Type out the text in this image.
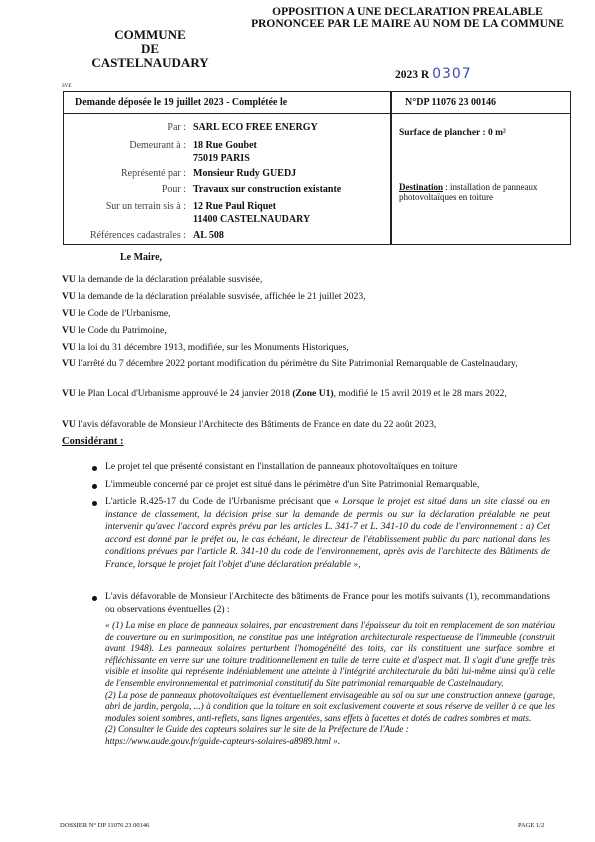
COMMUNE
DE
CASTELNAUDARY
OPPOSITION A UNE DECLARATION PREALABLE
PRONONCEE PAR LE MAIRE AU NOM DE LA COMMUNE
2023 R 0307
SVE
Demande déposée le 19 juillet 2023 - Complétée le	N°DP 11076 23 00146
Par : SARL ECO FREE ENERGY
Demeurant à : 18 Rue Goubet
75019 PARIS
Représenté par : Monsieur Rudy GUEDJ
Pour : Travaux sur construction existante
Sur un terrain sis à : 12 Rue Paul Riquet
11400 CASTELNAUDARY
Références cadastrales : AL 508
Surface de plancher : 0 m²
Destination : installation de panneaux photovoltaïques en toiture
Le Maire,
VU la demande de la déclaration préalable susvisée,
VU la demande de la déclaration préalable susvisée, affichée le 21 juillet 2023,
VU le Code de l'Urbanisme,
VU le Code du Patrimoine,
VU la loi du 31 décembre 1913, modifiée, sur les Monuments Historiques,
VU l'arrêté du 7 décembre 2022 portant modification du périmètre du Site Patrimonial Remarquable de Castelnaudary,
VU le Plan Local d'Urbanisme approuvé le 24 janvier 2018 (Zone U1), modifié le 15 avril 2019 et le 28 mars 2022,
VU l'avis défavorable de Monsieur l'Architecte des Bâtiments de France en date du 22 août 2023,
Considérant :
Le projet tel que présenté consistant en l'installation de panneaux photovoltaïques en toiture
L'immeuble concerné par ce projet est situé dans le périmètre d'un Site Patrimonial Remarquable,
L'article R.425-17 du Code de l'Urbanisme précisant que « Lorsque le projet est situé dans un site classé ou en instance de classement, la décision prise sur la demande de permis ou sur la déclaration préalable ne peut intervenir qu'avec l'accord exprès prévu par les articles L. 341-7 et L. 341-10 du code de l'environnement : a) Cet accord est donné par le préfet ou, le cas échéant, le directeur de l'établissement public du parc national dans les conditions prévues par l'article R. 341-10 du code de l'environnement, après avis de l'architecte des Bâtiments de France, lorsque le projet fait l'objet d'une déclaration préalable »,
L'avis défavorable de Monsieur l'Architecte des bâtiments de France pour les motifs suivants (1), recommandations ou observations éventuelles (2) :
« (1) La mise en place de panneaux solaires, par encastrement dans l'épaisseur du toit en remplacement de son matériau de couverture ou en surimposition, ne constitue pas une intégration architecturale respectueuse de l'immeuble (construit avant 1948). Les panneaux solaires perturbent l'homogénéité des toits, car ils constituent une surface sombre et réfléchissante en verre sur une toiture traditionnellement en tuile de terre cuite et d'aspect mat. Il s'agit d'une greffe très visible et insolite qui représente indéniablement une atteinte à l'intégrité architecturale du bâti lui-même ainsi qu'à celle de l'ensemble environnemental et patrimonial constitutif du Site patrimonial remarquable de Castelnaudary.
(2) La pose de panneaux photovoltaïques est éventuellement envisageable au sol ou sur une construction annexe (garage, abri de jardin, pergola, ...) à condition que la toiture en soit exclusivement couverte et sous réserve de veiller à ce que les modules soient sombres, anti-reflets, sans lignes argentées, sans effets à facettes et dotés de cadres sombres et mats.
(2) Consulter le Guide des capteurs solaires sur le site de la Préfecture de l'Aude :
https://www.aude.gouv.fr/guide-capteurs-solaires-a8989.html ».
DOSSIER N° DP 11076 23 00146	PAGE 1/2
